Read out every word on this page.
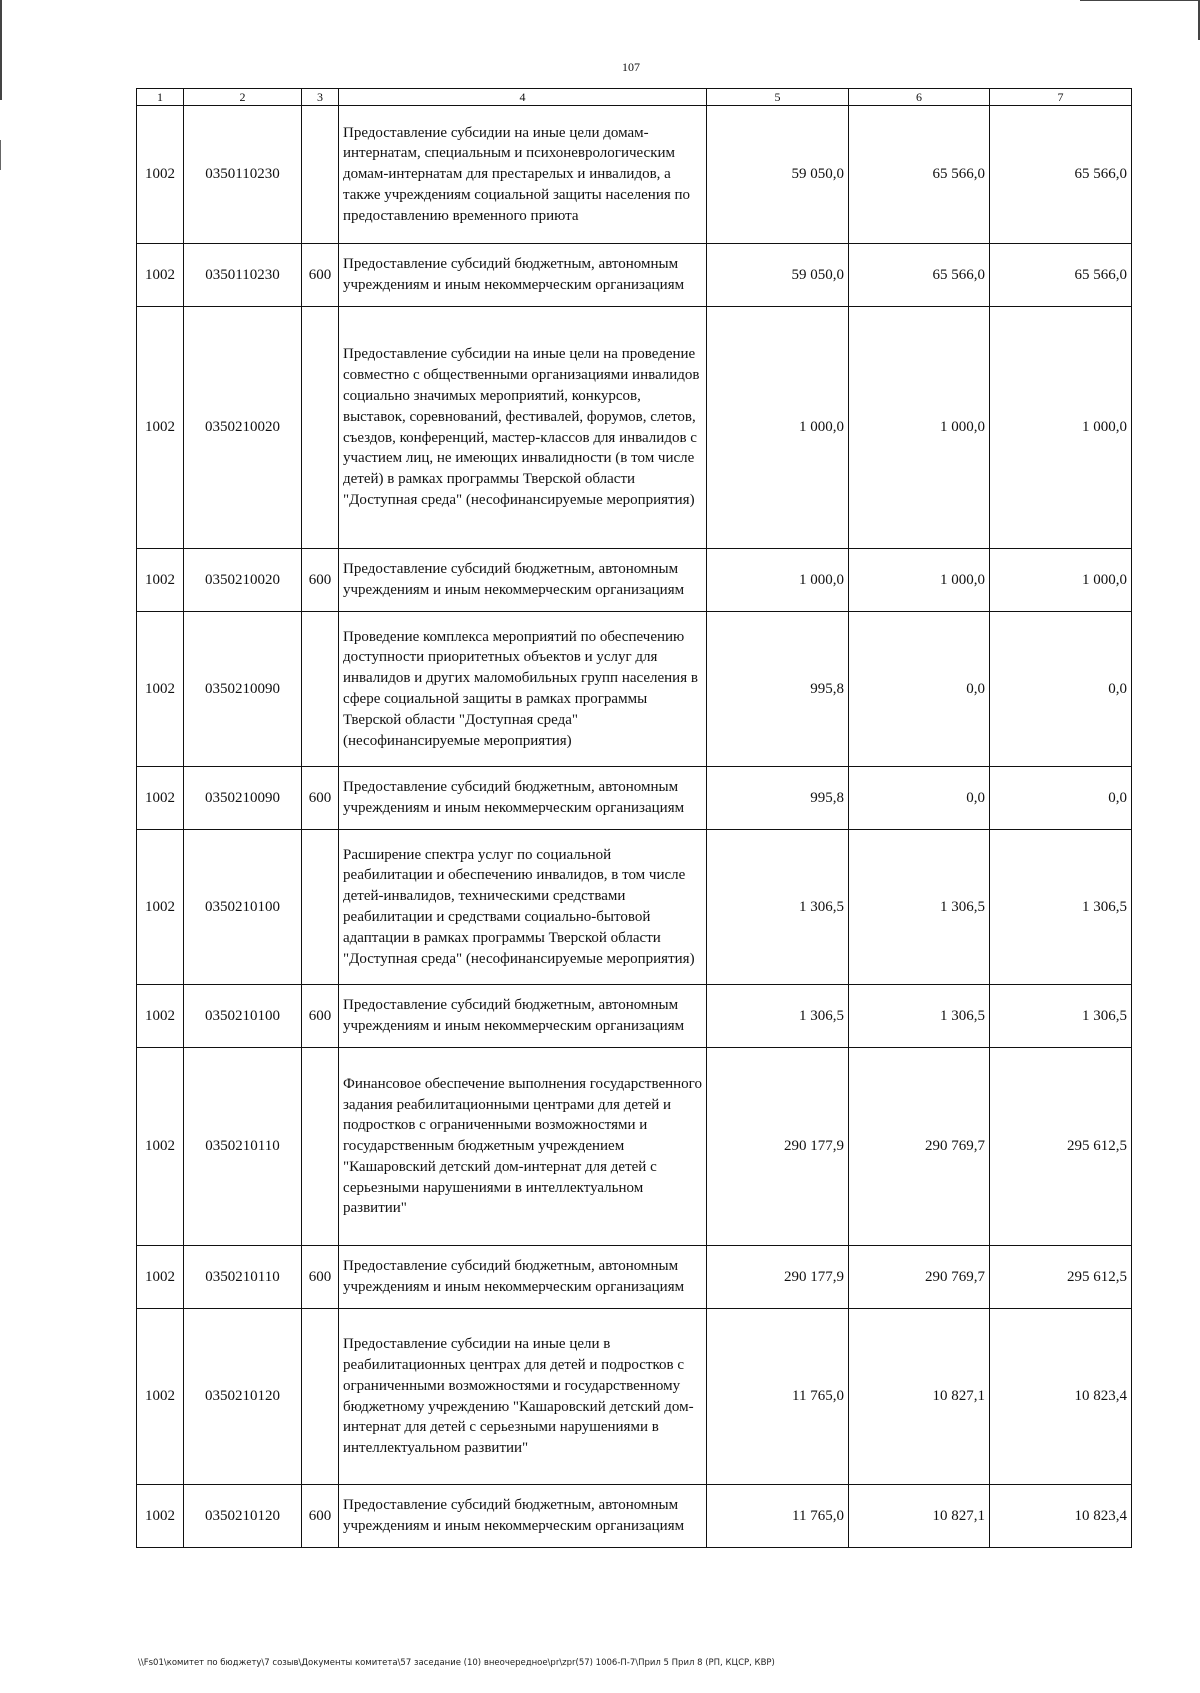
107
1	2	3	4	5	6	7
1002	0350110230		Предоставление субсидии на иные цели домам-интернатам, специальным и психоневрологическим домам-интернатам для престарелых и инвалидов, а также учреждениям социальной защиты населения по предоставлению временного приюта	59 050,0	65 566,0	65 566,0
1002	0350110230	600	Предоставление субсидий бюджетным, автономным учреждениям и иным некоммерческим организациям	59 050,0	65 566,0	65 566,0
1002	0350210020		Предоставление субсидии на иные цели на проведение совместно с общественными организациями инвалидов социально значимых мероприятий, конкурсов, выставок, соревнований, фестивалей, форумов, слетов, съездов, конференций, мастер-классов для инвалидов с участием лиц, не имеющих инвалидности (в том числе детей) в рамках программы Тверской области "Доступная среда" (несофинансируемые мероприятия)	1 000,0	1 000,0	1 000,0
1002	0350210020	600	Предоставление субсидий бюджетным, автономным учреждениям и иным некоммерческим организациям	1 000,0	1 000,0	1 000,0
1002	0350210090		Проведение комплекса мероприятий по обеспечению доступности приоритетных объектов и услуг для инвалидов и других маломобильных групп населения в сфере социальной защиты в рамках программы Тверской области "Доступная среда" (несофинансируемые мероприятия)	995,8	0,0	0,0
1002	0350210090	600	Предоставление субсидий бюджетным, автономным учреждениям и иным некоммерческим организациям	995,8	0,0	0,0
1002	0350210100		Расширение спектра услуг по социальной реабилитации и обеспечению инвалидов, в том числе детей-инвалидов, техническими средствами реабилитации и средствами социально-бытовой адаптации в рамках программы Тверской области "Доступная среда" (несофинансируемые мероприятия)	1 306,5	1 306,5	1 306,5
1002	0350210100	600	Предоставление субсидий бюджетным, автономным учреждениям и иным некоммерческим организациям	1 306,5	1 306,5	1 306,5
1002	0350210110		Финансовое обеспечение выполнения государственного задания реабилитационными центрами для детей и подростков с ограниченными возможностями и государственным бюджетным учреждением "Кашаровский детский дом-интернат для детей с серьезными нарушениями в интеллектуальном развитии"	290 177,9	290 769,7	295 612,5
1002	0350210110	600	Предоставление субсидий бюджетным, автономным учреждениям и иным некоммерческим организациям	290 177,9	290 769,7	295 612,5
1002	0350210120		Предоставление субсидии на иные цели в реабилитационных центрах для детей и подростков с ограниченными возможностями и государственному бюджетному учреждению "Кашаровский детский дом-интернат для детей с серьезными нарушениями в интеллектуальном развитии"	11 765,0	10 827,1	10 823,4
1002	0350210120	600	Предоставление субсидий бюджетным, автономным учреждениям и иным некоммерческим организациям	11 765,0	10 827,1	10 823,4
\\Fs01\комитет по бюджету\7 созыв\Документы комитета\57 заседание (10) внеочередное\pr\zpr(57) 1006-П-7\Прил 5 Прил 8 (РП, КЦСР, КВР)
